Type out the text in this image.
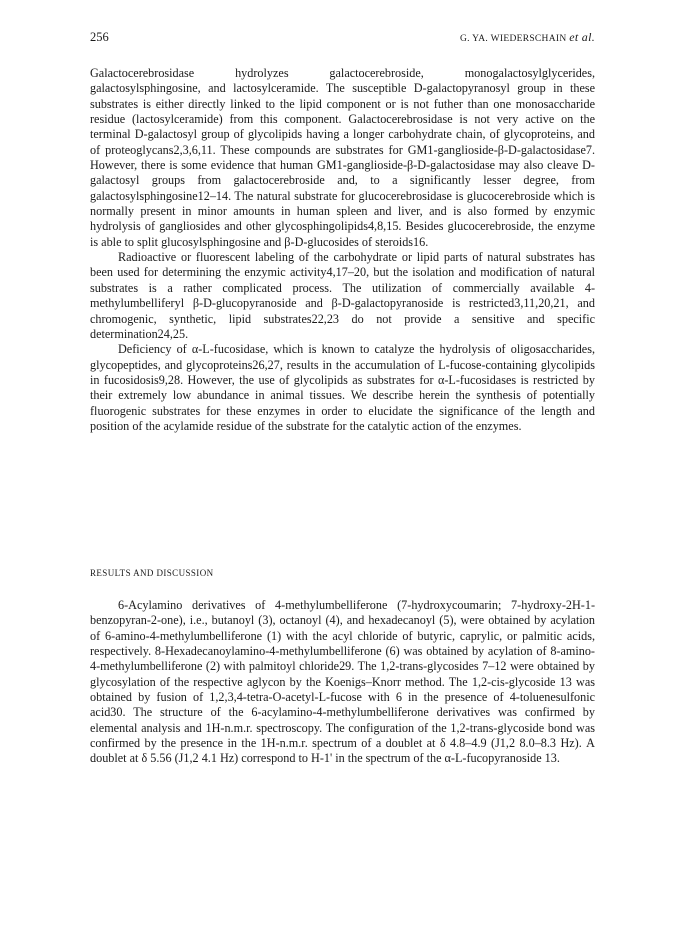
256	G. YA. WIEDERSCHAIN et al.

Galactocerebrosidase hydrolyzes galactocerebroside, monogalactosylglycerides, galactosylsphingosine, and lactosylceramide. The susceptible D-galactopyranosyl group in these substrates is either directly linked to the lipid component or is not futher than one monosaccharide residue (lactosylceramide) from this component. Galactocerebrosidase is not very active on the terminal D-galactosyl group of glycolipids having a longer carbohydrate chain, of glycoproteins, and of proteoglycans2,3,6,11. These compounds are substrates for GM1-ganglioside-β-D-galactosidase7. However, there is some evidence that human GM1-ganglioside-β-D-galactosidase may also cleave D-galactosyl groups from galactocerebroside and, to a significantly lesser degree, from galactosylsphingosine12–14. The natural substrate for glucocerebrosidase is glucocerebroside which is normally present in minor amounts in human spleen and liver, and is also formed by enzymic hydrolysis of gangliosides and other glycosphingolipids4,8,15. Besides glucocerebroside, the enzyme is able to split glucosylsphingosine and β-D-glucosides of steroids16.

Radioactive or fluorescent labeling of the carbohydrate or lipid parts of natural substrates has been used for determining the enzymic activity4,17–20, but the isolation and modification of natural substrates is a rather complicated process. The utilization of commercially available 4-methylumbelliferyl β-D-glucopyranoside and β-D-galactopyranoside is restricted3,11,20,21, and chromogenic, synthetic, lipid substrates22,23 do not provide a sensitive and specific determination24,25.

Deficiency of α-L-fucosidase, which is known to catalyze the hydrolysis of oligosaccharides, glycopeptides, and glycoproteins26,27, results in the accumulation of L-fucose-containing glycolipids in fucosidosis9,28. However, the use of glycolipids as substrates for α-L-fucosidases is restricted by their extremely low abundance in animal tissues. We describe herein the synthesis of potentially fluorogenic substrates for these enzymes in order to elucidate the significance of the length and position of the acylamide residue of the substrate for the catalytic action of the enzymes.

RESULTS AND DISCUSSION

6-Acylamino derivatives of 4-methylumbelliferone (7-hydroxycoumarin; 7-hydroxy-2H-1-benzopyran-2-one), i.e., butanoyl (3), octanoyl (4), and hexadecanoyl (5), were obtained by acylation of 6-amino-4-methylumbelliferone (1) with the acyl chloride of butyric, caprylic, or palmitic acids, respectively. 8-Hexadecanoylamino-4-methylumbelliferone (6) was obtained by acylation of 8-amino-4-methylumbelliferone (2) with palmitoyl chloride29. The 1,2-trans-glycosides 7–12 were obtained by glycosylation of the respective aglycon by the Koenigs–Knorr method. The 1,2-cis-glycoside 13 was obtained by fusion of 1,2,3,4-tetra-O-acetyl-L-fucose with 6 in the presence of 4-toluenesulfonic acid30. The structure of the 6-acylamino-4-methylumbelliferone derivatives was confirmed by elemental analysis and 1H-n.m.r. spectroscopy. The configuration of the 1,2-trans-glycoside bond was confirmed by the presence in the 1H-n.m.r. spectrum of a doublet at δ 4.8–4.9 (J1,2 8.0–8.3 Hz). A doublet at δ 5.56 (J1,2 4.1 Hz) correspond to H-1' in the spectrum of the α-L-fucopyranoside 13.
